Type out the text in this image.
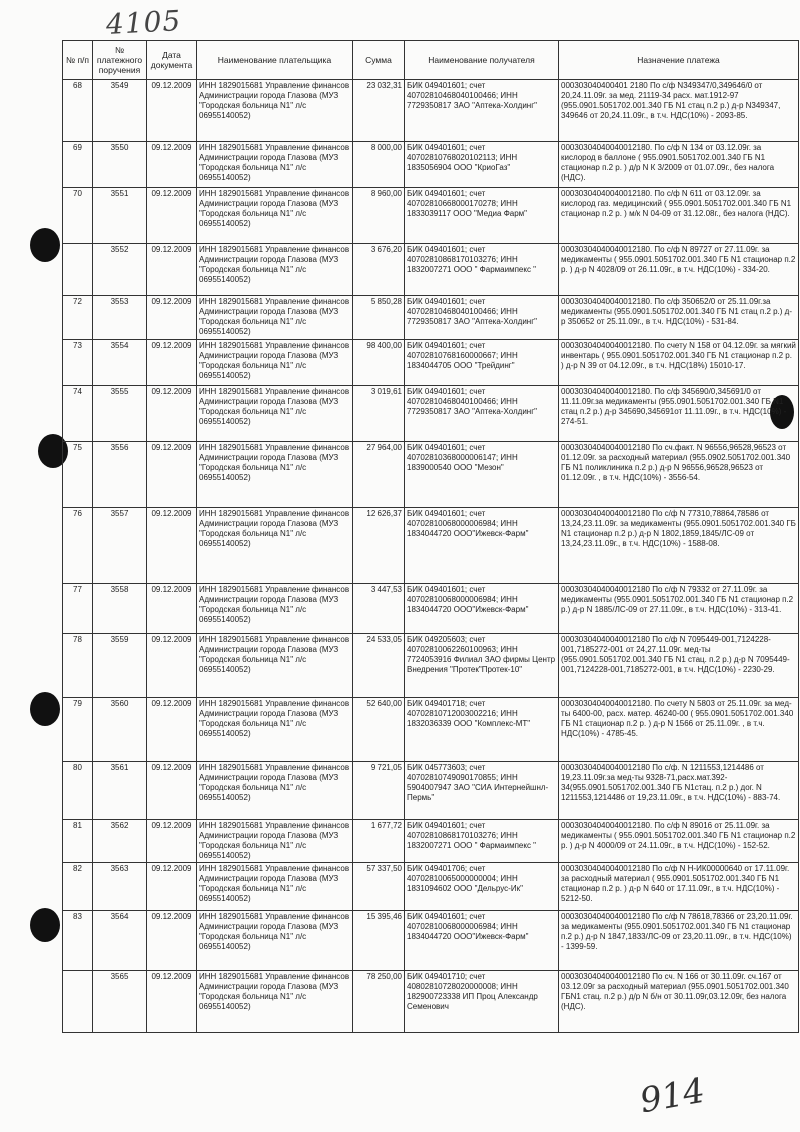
4105
№ п/п	№ платежного поручения	Дата документа	Наименование плательщика	Сумма	Наименование получателя	Назначение платежа
68	3549	09.12.2009	ИНН 1829015681 Управление финансов Администрации города Глазова (МУЗ "Городская больница N1" л/с 06955140052)	23 032,31	БИК 049401601; счет 40702810468040100466; ИНН 7729350817 ЗАО "Аптека-Холдинг"	000303040400401 2180 По с/ф N349347/0,349646/0 от 20,24.11.09г. за мед. 21119-34 расх. мат.1912-97 (955.0901.5051702.001.340 ГБ N1 стац п.2 р.) д-р N349347, 349646 от 20,24.11.09г., в т.ч. НДС(10%) - 2093-85.
69	3550	09.12.2009	ИНН 1829015681 Управление финансов Администрации города Глазова (МУЗ "Городская больница N1" л/с 06955140052)	8 000,00	БИК 049401601; счет 40702810768020102113; ИНН 1835056904 ООО "КриоГаз"	00030304040040012180. По с/ф N 134 от 03.12.09г. за кислород в баллоне ( 955.0901.5051702.001.340 ГБ N1 стационар п.2 р. ) д/р N К 3/2009 от 01.07.09г., без налога (НДС).
70	3551	09.12.2009	ИНН 1829015681 Управление финансов Администрации города Глазова (МУЗ "Городская больница N1" л/с 06955140052)	8 960,00	БИК 049401601; счет 40702810668000170278; ИНН 1833039117 ООО "Медиа Фарм"	00030304040040012180. По с/ф N 611 от 03.12.09г. за кислород газ. медицинский ( 955.0901.5051702.001.340 ГБ N1 стационар п.2 р. ) м/к N 04-09 от 31.12.08г., без налога (НДС).
	3552	09.12.2009	ИНН 1829015681 Управление финансов Администрации города Глазова (МУЗ "Городская больница N1" л/с 06955140052)	3 676,20	БИК 049401601; счет 40702810868170103276; ИНН 1832007271 ООО " Фармаимпекс "	00030304040040012180. По с/ф N 89727 от 27.11.09г. за медикаменты ( 955.0901.5051702.001.340 ГБ N1 стационар п.2 р. ) д-р N 4028/09 от 26.11.09г., в т.ч. НДС(10%) - 334-20.
72	3553	09.12.2009	ИНН 1829015681 Управление финансов Администрации города Глазова (МУЗ "Городская больница N1" л/с 06955140052)	5 850,28	БИК 049401601; счет 40702810468040100466; ИНН 7729350817 ЗАО "Аптека-Холдинг"	00030304040040012180. По с/ф 350652/0 от 25.11.09г.за медикаменты (955.0901.5051702.001.340 ГБ N1 стац п.2 р.) д-р 350652 от 25.11.09г., в т.ч. НДС(10%) - 531-84.
73	3554	09.12.2009	ИНН 1829015681 Управление финансов Администрации города Глазова (МУЗ "Городская больница N1" л/с 06955140052)	98 400,00	БИК 049401601; счет 40702810768160000667; ИНН 1834044705 ООО "Трейдинг"	00030304040040012180. По счету N 158 от 04.12.09г. за мягкий инвентарь ( 955.0901.5051702.001.340 ГБ N1 стационар п.2 р. ) д-р N 39 от 04.12.09г., в т.ч. НДС(18%) 15010-17.
74	3555	09.12.2009	ИНН 1829015681 Управление финансов Администрации города Глазова (МУЗ "Городская больница N1" л/с 06955140052)	3 019,61	БИК 049401601; счет 40702810468040100466; ИНН 7729350817 ЗАО "Аптека-Холдинг"	00030304040040012180. По с/ф 345690/0,345691/0 от 11.11.09г.за медикаменты (955.0901.5051702.001.340 ГБ N1 стац п.2 р.) д-р 345690,345691от 11.11.09г., в т.ч. НДС(10%) - 274-51.
75	3556	09.12.2009	ИНН 1829015681 Управление финансов Администрации города Глазова (МУЗ "Городская больница N1" л/с 06955140052)	27 964,00	БИК 049401601; счет 40702810368000006147; ИНН 1839000540 ООО "Мезон"	00030304040040012180 По сч.факт. N 96556,96528,96523 от 01.12.09г. за расходный материал (955.0902.5051702.001.340 ГБ N1 поликлиника п.2 р.) д-р N 96556,96528,96523 от 01.12.09г. , в т.ч. НДС(10%) - 3556-54.
76	3557	09.12.2009	ИНН 1829015681 Управление финансов Администрации города Глазова (МУЗ "Городская больница N1" л/с 06955140052)	12 626,37	БИК 049401601; счет 40702810068000006984; ИНН 1834044720 ООО"Ижевск-Фарм"	00030304040040012180 По с/ф N 77310,78864,78586 от 13,24,23.11.09г. за медикаменты (955.0901.5051702.001.340 ГБ N1 стационар п.2 р.) д-р N 1802,1859,1845/ЛС-09 от 13,24,23.11.09г., в т.ч. НДС(10%) - 1588-08.
77	3558	09.12.2009	ИНН 1829015681 Управление финансов Администрации города Глазова (МУЗ "Городская больница N1" л/с 06955140052)	3 447,53	БИК 049401601; счет 40702810068000006984; ИНН 1834044720 ООО"Ижевск-Фарм"	00030304040040012180 По с/ф N 79332 от 27.11.09г. за медикаменты (955.0901.5051702.001.340 ГБ N1 стационар п.2 р.) д-р N 1885/ЛС-09 от 27.11.09г., в т.ч. НДС(10%) - 313-41.
78	3559	09.12.2009	ИНН 1829015681 Управление финансов Администрации города Глазова (МУЗ "Городская больница N1" л/с 06955140052)	24 533,05	БИК 049205603; счет 40702810062260100963; ИНН 7724053916 Филиал ЗАО фирмы Центр Внедрения "Протек"Протек-10"	00030304040040012180 По с/ф N 7095449-001,7124228-001,7185272-001 от 24,27.11.09г. мед-ты (955.0901.5051702.001.340 ГБ N1 стац. п.2 р.) д-р N 7095449-001,7124228-001,7185272-001, в т.ч. НДС(10%) - 2230-29.
79	3560	09.12.2009	ИНН 1829015681 Управление финансов Администрации города Глазова (МУЗ "Городская больница N1" л/с 06955140052)	52 640,00	БИК 049401718; счет 40702810712003002216; ИНН 1832036339 ООО "Комплекс-МТ"	00030304040040012180. По счету N 5803 от 25.11.09г. за мед-ты 6400-00, расх. матер. 46240-00 ( 955.0901.5051702.001.340 ГБ N1 стационар п.2 р. ) д-р N 1566 от 25.11.09г. , в т.ч. НДС(10%) - 4785-45.
80	3561	09.12.2009	ИНН 1829015681 Управление финансов Администрации города Глазова (МУЗ "Городская больница N1" л/с 06955140052)	9 721,05	БИК 045773603; счет 40702810749090170855; ИНН 5904007947 ЗАО "СИА Интернейшнл-Пермь"	00030304040040012180 По с/ф. N 1211553,1214486 от 19,23.11.09г.за мед-ты 9328-71,расх.мат.392-34(955.0901.5051702.001.340 ГБ N1стац. п.2 р.) дог. N 1211553,1214486 от 19,23.11.09г., в т.ч. НДС(10%) - 883-74.
81	3562	09.12.2009	ИНН 1829015681 Управление финансов Администрации города Глазова (МУЗ "Городская больница N1" л/с 06955140052)	1 677,72	БИК 049401601; счет 40702810868170103276; ИНН 1832007271 ООО " Фармаимпекс "	00030304040040012180. По с/ф N 89016 от 25.11.09г. за медикаменты ( 955.0901.5051702.001.340 ГБ N1 стационар п.2 р. ) д-р N 4000/09 от 24.11.09г., в т.ч. НДС(10%) - 152-52.
82	3563	09.12.2009	ИНН 1829015681 Управление финансов Администрации города Глазова (МУЗ "Городская больница N1" л/с 06955140052)	57 337,50	БИК 049401706; счет 40702810065000000004; ИНН 1831094602 ООО "Дельрус-Ик"	00030304040040012180 По с/ф N Н-ИК00000640 от 17.11.09г. за расходный материал ( 955.0901.5051702.001.340 ГБ N1 стационар п.2 р. ) д-р N 640 от 17.11.09г., в т.ч. НДС(10%) - 5212-50.
83	3564	09.12.2009	ИНН 1829015681 Управление финансов Администрации города Глазова (МУЗ "Городская больница N1" л/с 06955140052)	15 395,46	БИК 049401601; счет 40702810068000006984; ИНН 1834044720 ООО"Ижевск-Фарм"	00030304040040012180 По с/ф N 78618,78366 от 23,20.11.09г. за медикаменты (955.0901.5051702.001.340 ГБ N1 стационар п.2 р.) д-р N 1847,1833/ЛС-09 от 23,20.11.09г., в т.ч. НДС(10%) - 1399-59.
	3565	09.12.2009	ИНН 1829015681 Управление финансов Администрации города Глазова (МУЗ "Городская больница N1" л/с 06955140052)	78 250,00	БИК 049401710; счет 40802810728020000008; ИНН 182900723338 ИП Проц Александр Семенович	00030304040040012180 По сч. N 166 от 30.11.09г. сч.167 от 03.12.09г за расходный материал (955.0901.5051702.001.340 ГБN1 стац. п.2 р.) д/р N б/н от 30.11.09г,03.12.09г, без налога (НДС).
914
